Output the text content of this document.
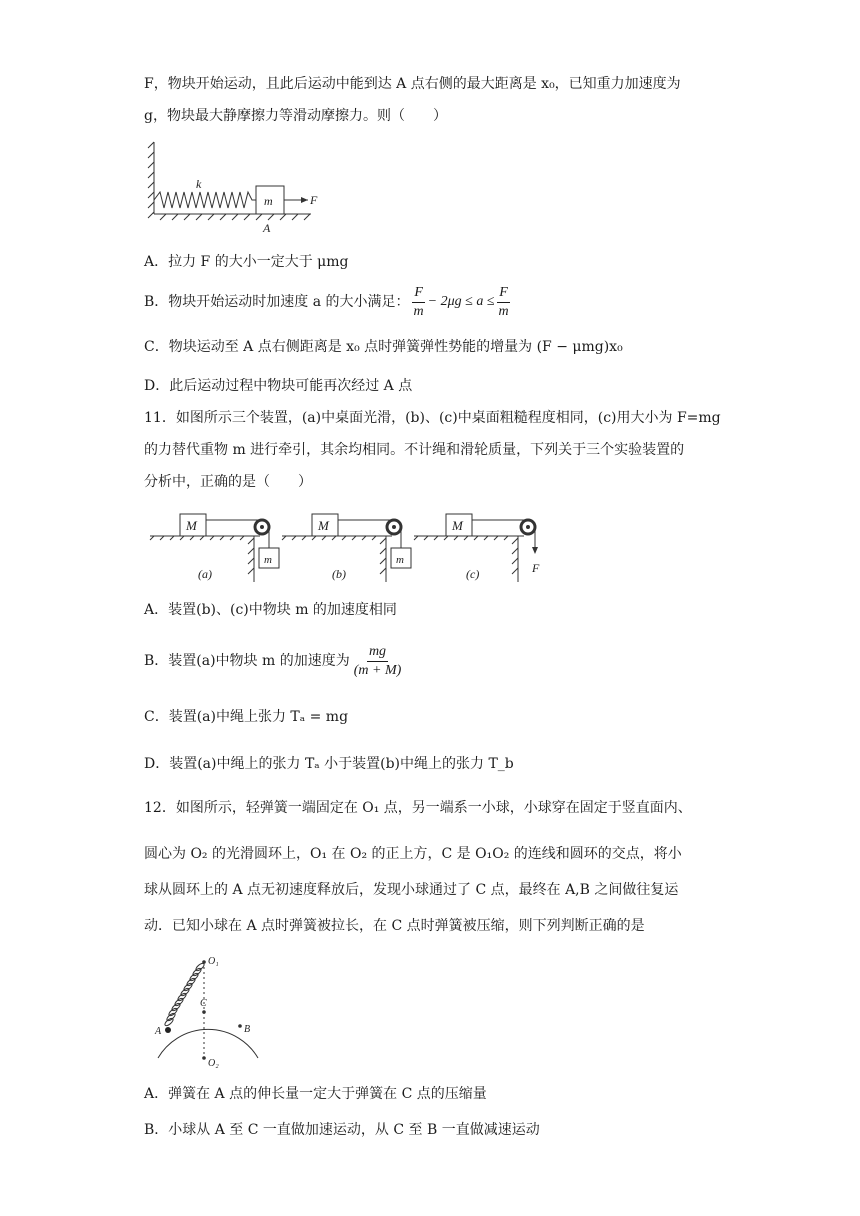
F，物块开始运动，且此后运动中能到达 A 点右侧的最大距离是 x₀，已知重力加速度为
g，物块最大静摩擦力等滑动摩擦力。则（　　）
k
m	F
A
A．拉力 F 的大小一定大于 μmg
B．物块开始运动时加速度 a 的大小满足： $\frac{F}{m} - 2\mu g \le a \le \frac{F}{m}$
C．物块运动至 A 点右侧距离是 x₀ 点时弹簧弹性势能的增量为 (F − μmg)x₀
D．此后运动过程中物块可能再次经过 A 点
11．如图所示三个装置，(a)中桌面光滑，(b)、(c)中桌面粗糙程度相同，(c)用大小为 F=mg
的力替代重物 m 进行牵引，其余均相同。不计绳和滑轮质量，下列关于三个实验装置的
分析中，正确的是（　　）
M
m
(a)
M
m
(b)
M
F
(c)
A．装置(b)、(c)中物块 m 的加速度相同
B．装置(a)中物块 m 的加速度为 $\frac{mg}{(m + M)}$
C．装置(a)中绳上张力 Tₐ = mg
D．装置(a)中绳上的张力 Tₐ 小于装置(b)中绳上的张力 T_b
12．如图所示，轻弹簧一端固定在 O₁ 点，另一端系一小球，小球穿在固定于竖直面内、
圆心为 O₂ 的光滑圆环上，O₁ 在 O₂ 的正上方，C 是 O₁O₂ 的连线和圆环的交点，将小
球从圆环上的 A 点无初速度释放后，发现小球通过了 C 点，最终在 A,B 之间做往复运
动．已知小球在 A 点时弹簧被拉长，在 C 点时弹簧被压缩，则下列判断正确的是
O₁
C
O₂
A	B
A．弹簧在 A 点的伸长量一定大于弹簧在 C 点的压缩量
B．小球从 A 至 C 一直做加速运动，从 C 至 B 一直做减速运动
